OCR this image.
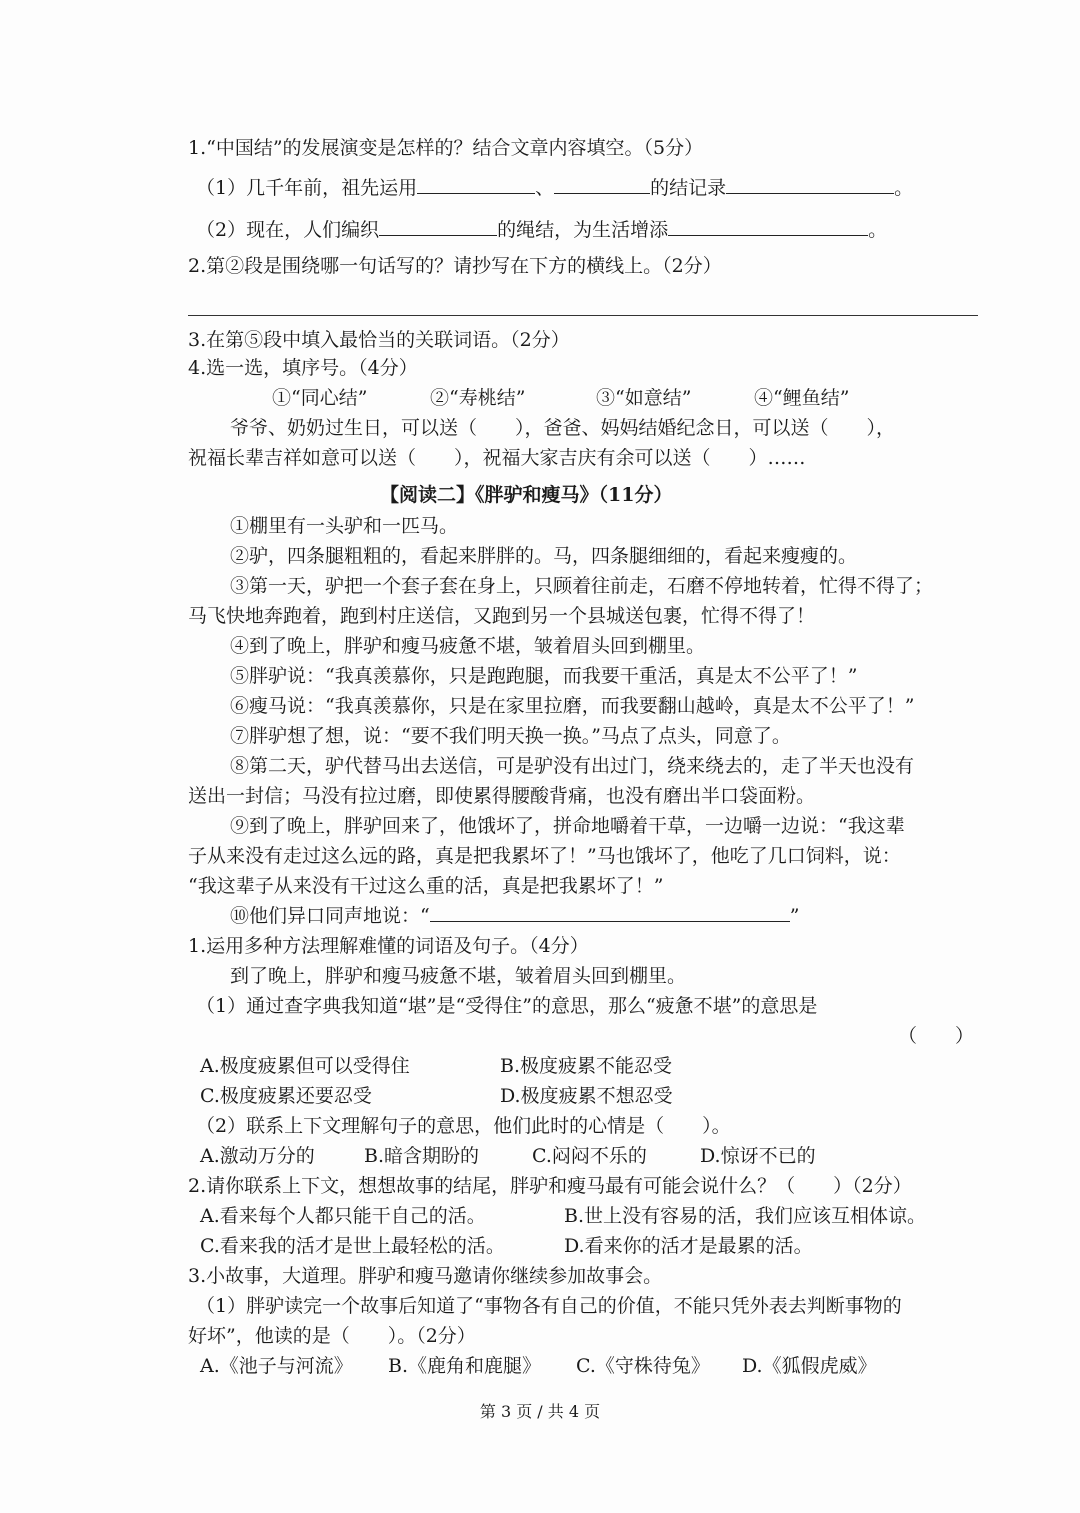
1.“中国结”的发展演变是怎样的？结合文章内容填空。（5分）
（1）几千年前，祖先运用	、	的结记录	。
（2）现在，人们编织	的绳结，为生活增添	。
2.第②段是围绕哪一句话写的？请抄写在下方的横线上。（2分）
3.在第⑤段中填入最恰当的关联词语。（2分）
4.选一选，填序号。（4分）
①“同心结”	②“寿桃结”	③“如意结”	④“鲤鱼结”
爷爷、奶奶过生日，可以送（　　），爸爸、妈妈结婚纪念日，可以送（　　），
祝福长辈吉祥如意可以送（　　），祝福大家吉庆有余可以送（　　）……
【阅读二】《胖驴和瘦马》（11分）
①棚里有一头驴和一匹马。
②驴，四条腿粗粗的，看起来胖胖的。马，四条腿细细的，看起来瘦瘦的。
③第一天，驴把一个套子套在身上，只顾着往前走，石磨不停地转着，忙得不得了；
马飞快地奔跑着，跑到村庄送信，又跑到另一个县城送包裹，忙得不得了！
④到了晚上，胖驴和瘦马疲惫不堪，皱着眉头回到棚里。
⑤胖驴说：“我真羡慕你，只是跑跑腿，而我要干重活，真是太不公平了！”
⑥瘦马说：“我真羡慕你，只是在家里拉磨，而我要翻山越岭，真是太不公平了！”
⑦胖驴想了想，说：“要不我们明天换一换。”马点了点头，同意了。
⑧第二天，驴代替马出去送信，可是驴没有出过门，绕来绕去的，走了半天也没有
送出一封信；马没有拉过磨，即使累得腰酸背痛，也没有磨出半口袋面粉。
⑨到了晚上，胖驴回来了，他饿坏了，拼命地嚼着干草，一边嚼一边说：“我这辈
子从来没有走过这么远的路，真是把我累坏了！”马也饿坏了，他吃了几口饲料，说：
“我这辈子从来没有干过这么重的活，真是把我累坏了！”
⑩他们异口同声地说：“	”
1.运用多种方法理解难懂的词语及句子。（4分）
到了晚上，胖驴和瘦马疲惫不堪，皱着眉头回到棚里。
（1）通过查字典我知道“堪”是“受得住”的意思，那么“疲惫不堪”的意思是
（　　）
A.极度疲累但可以受得住	B.极度疲累不能忍受
C.极度疲累还要忍受	D.极度疲累不想忍受
（2）联系上下文理解句子的意思，他们此时的心情是（　　）。
A.激动万分的	B.暗含期盼的	C.闷闷不乐的	D.惊讶不已的
2.请你联系上下文，想想故事的结尾，胖驴和瘦马最有可能会说什么？（　　）（2分）
A.看来每个人都只能干自己的活。	B.世上没有容易的活，我们应该互相体谅。
C.看来我的活才是世上最轻松的活。	D.看来你的活才是最累的活。
3.小故事，大道理。胖驴和瘦马邀请你继续参加故事会。
（1）胖驴读完一个故事后知道了“事物各有自己的价值，不能只凭外表去判断事物的
好坏”，他读的是（　　）。（2分）
A.《池子与河流》 B.《鹿角和鹿腿》 C.《守株待兔》 D.《狐假虎威》
第 3 页 / 共 4 页
